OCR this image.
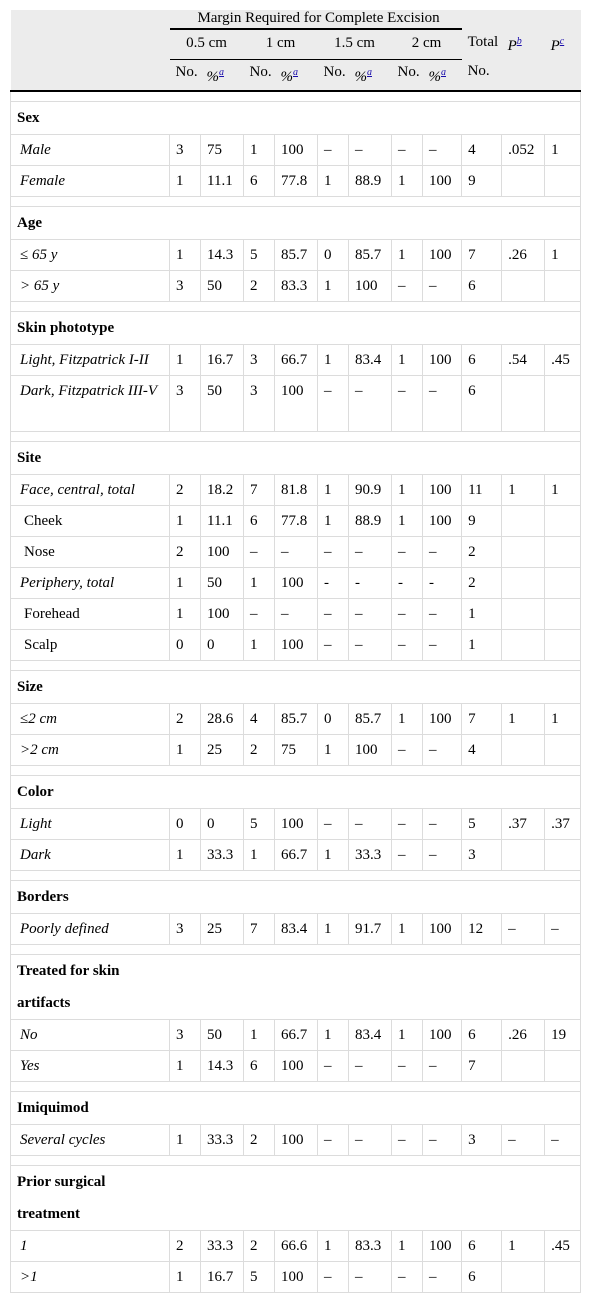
	Margin Required for Complete Excision										
	0.5 cm		1 cm		1.5 cm		2 cm		Total	P$^b$	P$^c$
	No.	%$^a$	No.	%$^a$	No.	%$^a$	No.	%$^a$	No.		

Sex											
Male	3	75	1	100	–	–	–	–	4	.052	1
Female	1	11.1	6	77.8	1	88.9	1	100	9		

Age											
≤ 65 y	1	14.3	5	85.7	0	85.7	1	100	7	.26	1
> 65 y	3	50	2	83.3	1	100	–	–	6		

Skin phototype											
Light, Fitzpatrick I-II	1	16.7	3	66.7	1	83.4	1	100	6	.54	.45
Dark, Fitzpatrick III-V	3	50	3	100	–	–	–	–	6		

Site											
Face, central, total	2	18.2	7	81.8	1	90.9	1	100	11	1	1
Cheek	1	11.1	6	77.8	1	88.9	1	100	9		
Nose	2	100	–	–	–	–	–	–	2		
Periphery, total	1	50	1	100	-	-	-	-	2		
Forehead	1	100	–	–	–	–	–	–	1		
Scalp	0	0	1	100	–	–	–	–	1		

Size											
≤2 cm	2	28.6	4	85.7	0	85.7	1	100	7	1	1
>2 cm	1	25	2	75	1	100	–	–	4		

Color											
Light	0	0	5	100	–	–	–	–	5	.37	.37
Dark	1	33.3	1	66.7	1	33.3	–	–	3		

Borders											
Poorly defined	3	25	7	83.4	1	91.7	1	100	12	–	–

Treated for skin artifacts											
No	3	50	1	66.7	1	83.4	1	100	6	.26	19
Yes	1	14.3	6	100	–	–	–	–	7		

Imiquimod											
Several cycles	1	33.3	2	100	–	–	–	–	3	–	–

Prior surgical treatment											
1	2	33.3	2	66.6	1	83.3	1	100	6	1	.45
>1	1	16.7	5	100	–	–	–	–	6		
